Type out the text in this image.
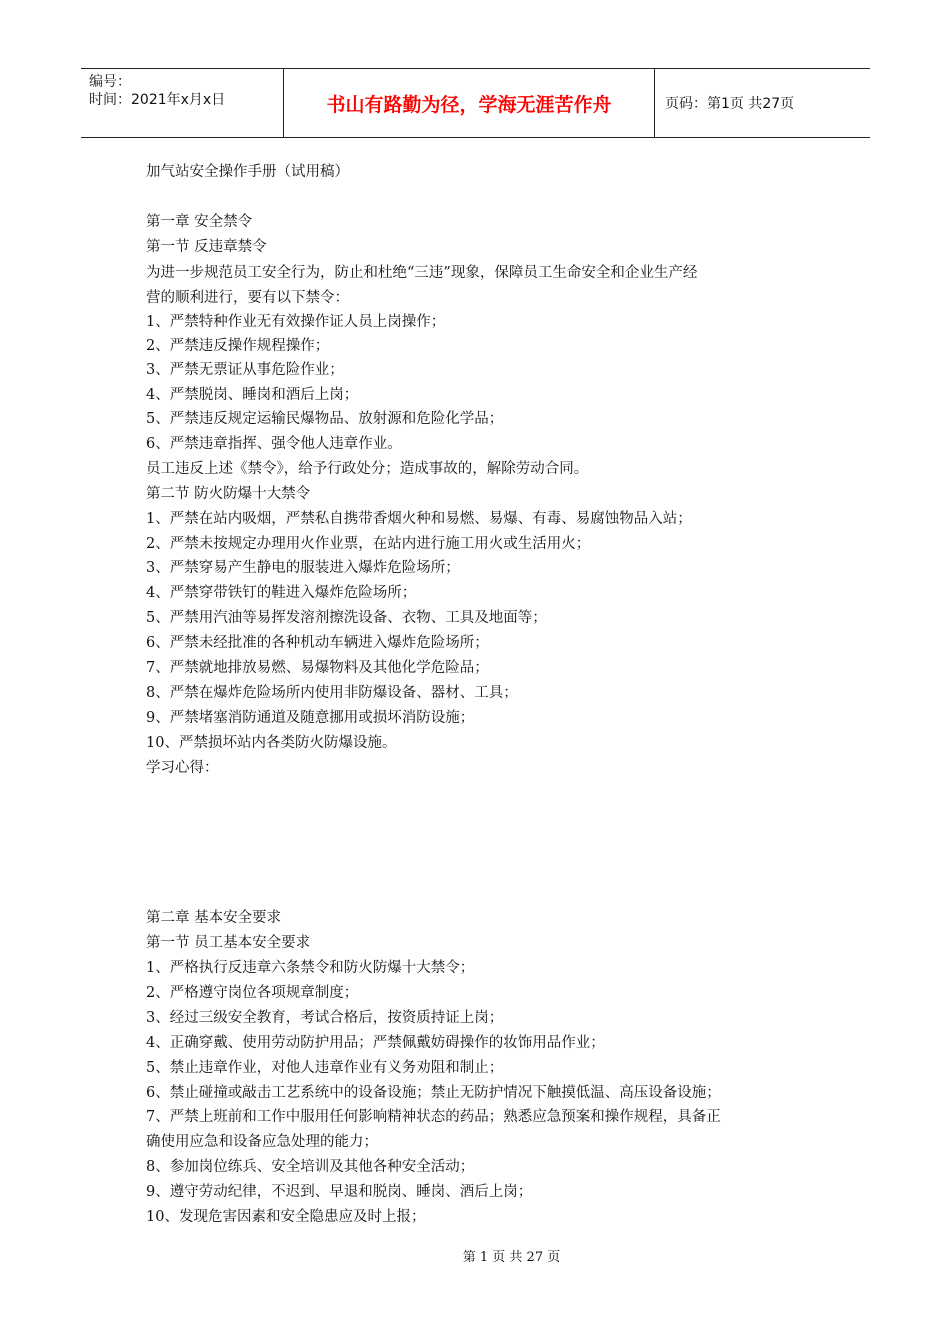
编号：
时间：2021年x月x日	书山有路勤为径，学海无涯苦作舟	页码：第1页 共27页
加气站安全操作手册（试用稿）
第一章 安全禁令
第一节 反违章禁令
为进一步规范员工安全行为，防止和杜绝“三违”现象，保障员工生命安全和企业生产经
营的顺利进行，要有以下禁令：
1、严禁特种作业无有效操作证人员上岗操作；
2、严禁违反操作规程操作；
3、严禁无票证从事危险作业；
4、严禁脱岗、睡岗和酒后上岗；
5、严禁违反规定运输民爆物品、放射源和危险化学品；
6、严禁违章指挥、强令他人违章作业。
员工违反上述《禁令》，给予行政处分；造成事故的，解除劳动合同。
第二节 防火防爆十大禁令
1、严禁在站内吸烟，严禁私自携带香烟火种和易燃、易爆、有毒、易腐蚀物品入站；
2、严禁未按规定办理用火作业票，在站内进行施工用火或生活用火；
3、严禁穿易产生静电的服装进入爆炸危险场所；
4、严禁穿带铁钉的鞋进入爆炸危险场所；
5、严禁用汽油等易挥发溶剂擦洗设备、衣物、工具及地面等；
6、严禁未经批准的各种机动车辆进入爆炸危险场所；
7、严禁就地排放易燃、易爆物料及其他化学危险品；
8、严禁在爆炸危险场所内使用非防爆设备、器材、工具；
9、严禁堵塞消防通道及随意挪用或损坏消防设施；
10、严禁损坏站内各类防火防爆设施。
学习心得：
第二章 基本安全要求
第一节 员工基本安全要求
1、严格执行反违章六条禁令和防火防爆十大禁令；
2、严格遵守岗位各项规章制度；
3、经过三级安全教育，考试合格后，按资质持证上岗；
4、正确穿戴、使用劳动防护用品；严禁佩戴妨碍操作的妆饰用品作业；
5、禁止违章作业，对他人违章作业有义务劝阻和制止；
6、禁止碰撞或敲击工艺系统中的设备设施；禁止无防护情况下触摸低温、高压设备设施；
7、严禁上班前和工作中服用任何影响精神状态的药品；熟悉应急预案和操作规程，具备正
确使用应急和设备应急处理的能力；
8、参加岗位练兵、安全培训及其他各种安全活动；
9、遵守劳动纪律，不迟到、早退和脱岗、睡岗、酒后上岗；
10、发现危害因素和安全隐患应及时上报；
第 1 页 共 27 页
